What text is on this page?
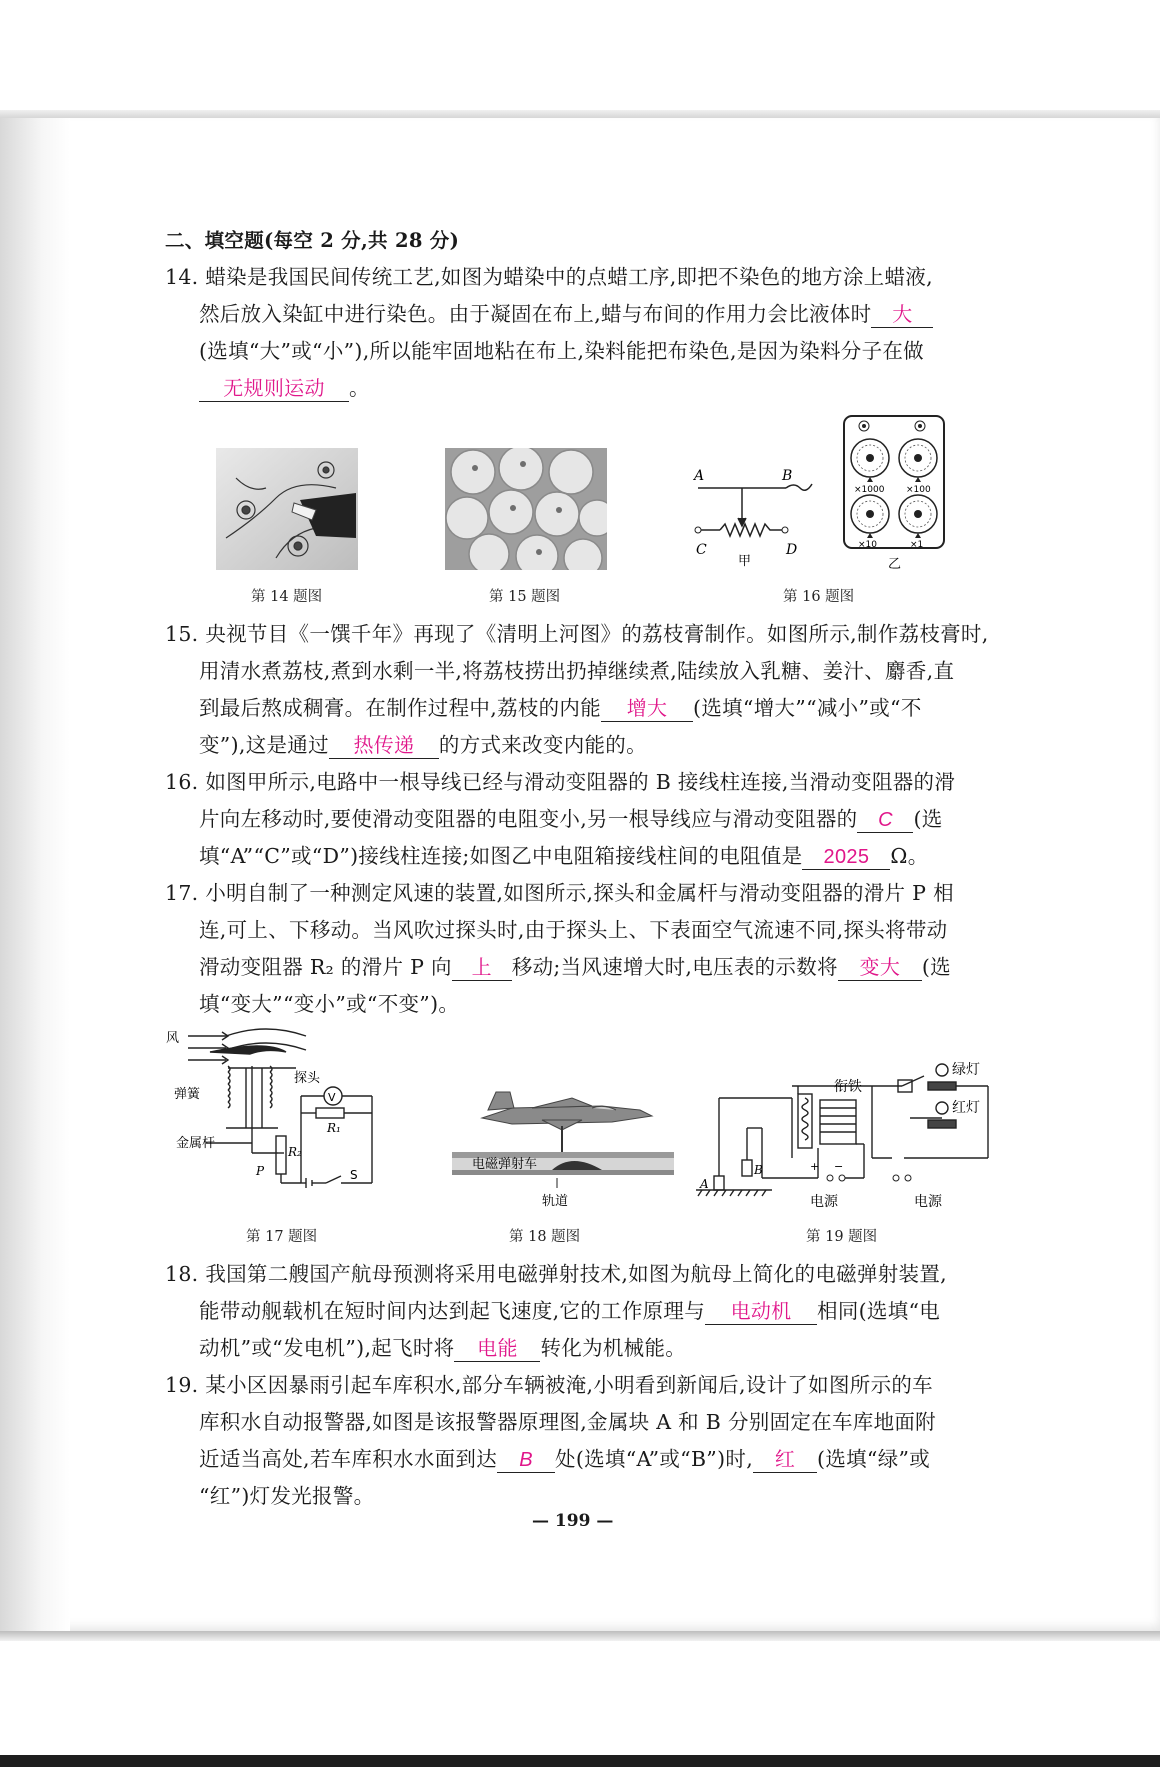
二、填空题(每空 2 分,共 28 分)
14. 蜡染是我国民间传统工艺,如图为蜡染中的点蜡工序,即把不染色的地方涂上蜡液,
然后放入染缸中进行染色。由于凝固在布上,蜡与布间的作用力会比液体时 大
(选填“大”或“小”),所以能牢固地粘在布上,染料能把布染色,是因为染料分子在做
无规则运动 。
第 14 题图	第 15 题图
A	B
C	D
甲
×1000 ×100
×10	×1
乙
第 16 题图
15. 央视节目《一馔千年》再现了《清明上河图》的荔枝膏制作。如图所示,制作荔枝膏时,
用清水煮荔枝,煮到水剩一半,将荔枝捞出扔掉继续煮,陆续放入乳糖、姜汁、麝香,直
到最后熬成稠膏。在制作过程中,荔枝的内能 增大 (选填“增大”“减小”或“不
变”),这是通过 热传递 的方式来改变内能的。
16. 如图甲所示,电路中一根导线已经与滑动变阻器的 B 接线柱连接,当滑动变阻器的滑
片向左移动时,要使滑动变阻器的电阻变小,另一根导线应与滑动变阻器的 C (选
填“A”“C”或“D”)接线柱连接;如图乙中电阻箱接线柱间的电阻值是 2025 Ω。
17. 小明自制了一种测定风速的装置,如图所示,探头和金属杆与滑动变阻器的滑片 P 相
连,可上、下移动。当风吹过探头时,由于探头上、下表面空气流速不同,探头将带动
滑动变阻器 R₂ 的滑片 P 向 上 移动;当风速增大时,电压表的示数将 变大 (选
填“变大”“变小”或“不变”)。
风
探头
弹簧
金属杆
V
R₁
R₂
P	S
第 17 题图
电磁弹射车
轨道
第 18 题图
衔铁
绿灯
红灯
A
B	+ −
电源	电源
第 19 题图
18. 我国第二艘国产航母预测将采用电磁弹射技术,如图为航母上简化的电磁弹射装置,
能带动舰载机在短时间内达到起飞速度,它的工作原理与 电动机 相同(选填“电
动机”或“发电机”),起飞时将 电能 转化为机械能。
19. 某小区因暴雨引起车库积水,部分车辆被淹,小明看到新闻后,设计了如图所示的车
库积水自动报警器,如图是该报警器原理图,金属块 A 和 B 分别固定在车库地面附
近适当高处,若车库积水水面到达 B 处(选填“A”或“B”)时, 红 (选填“绿”或
“红”)灯发光报警。
— 199 —
